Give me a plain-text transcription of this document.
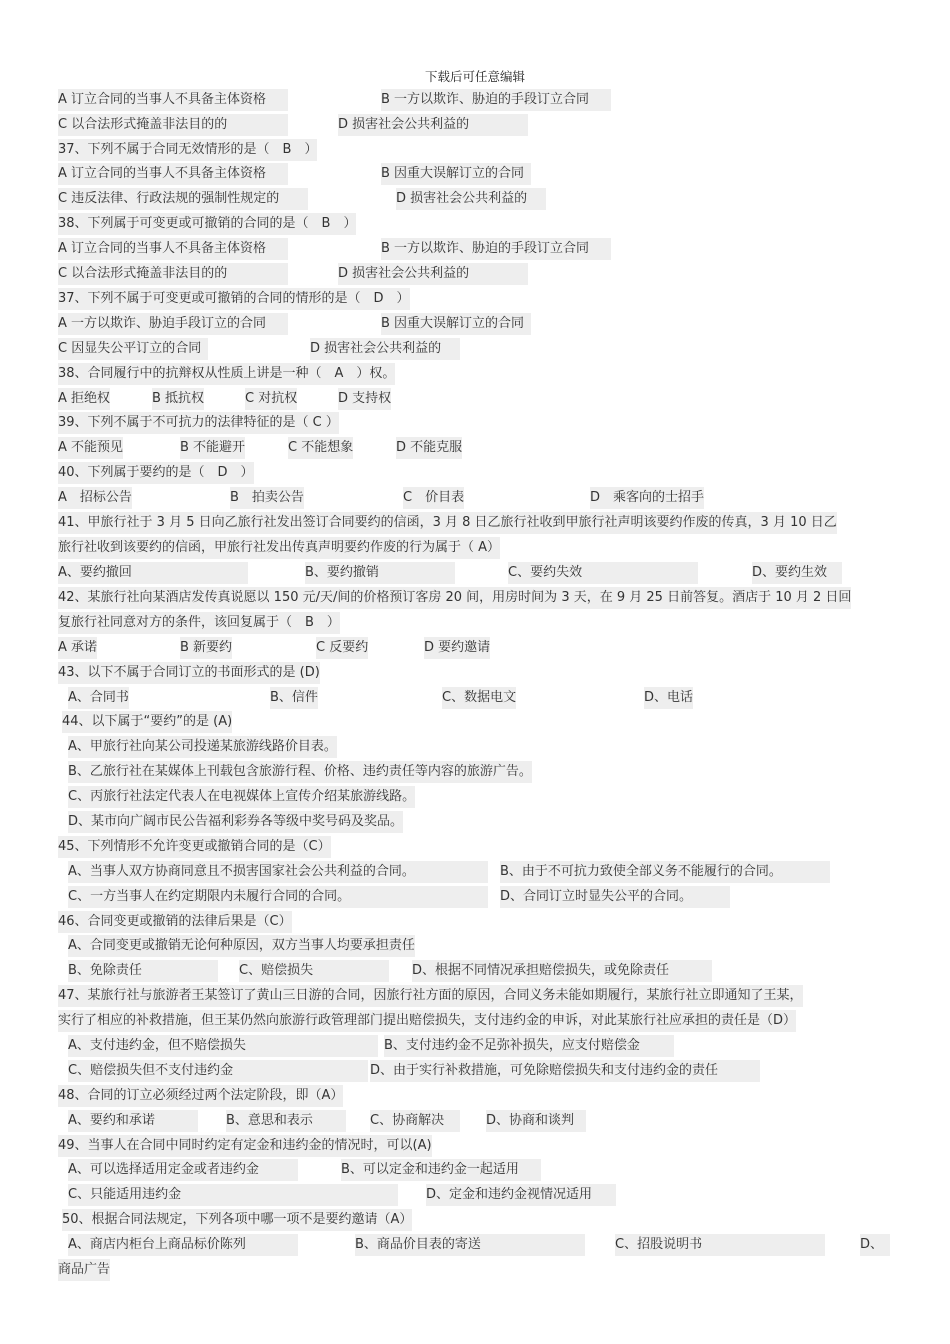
下载后可任意编辑
A 订立合同的当事人不具备主体资格	B 一方以欺诈、胁迫的手段订立合同
C 以合法形式掩盖非法目的的	D 损害社会公共利益的
37、下列不属于合同无效情形的是（　B　）
A 订立合同的当事人不具备主体资格	B 因重大误解订立的合同
C 违反法律、行政法规的强制性规定的	D 损害社会公共利益的
38、下列属于可变更或可撤销的合同的是（　B　）
A 订立合同的当事人不具备主体资格	B 一方以欺诈、胁迫的手段订立合同
C 以合法形式掩盖非法目的的	D 损害社会公共利益的
37、下列不属于可变更或可撤销的合同的情形的是（　D　）
A 一方以欺诈、胁迫手段订立的合同	B 因重大误解订立的合同
C 因显失公平订立的合同	D 损害社会公共利益的
38、合同履行中的抗辩权从性质上讲是一种（　A　）权。
A 拒绝权	B 抵抗权	C 对抗权	D 支持权
39、下列不属于不可抗力的法律特征的是（ C ）
A 不能预见	B 不能避开	C 不能想象	D 不能克服
40、下列属于要约的是（　D　）
A　招标公告	B　拍卖公告	C　价目表	D　乘客向的士招手
41、甲旅行社于 3 月 5 日向乙旅行社发出签订合同要约的信函，3 月 8 日乙旅行社收到甲旅行社声明该要约作废的传真，3 月 10 日乙
旅行社收到该要约的信函，甲旅行社发出传真声明要约作废的行为属于（ A）
A、要约撤回	B、要约撤销	C、要约失效	D、要约生效
42、某旅行社向某酒店发传真说愿以 150 元/天/间的价格预订客房 20 间，用房时间为 3 天，在 9 月 25 日前答复。酒店于 10 月 2 日回
复旅行社同意对方的条件，该回复属于（　B　）
A 承诺	B 新要约	C 反要约	D 要约邀请
43、以下不属于合同订立的书面形式的是 (D)
A、合同书	B、信件	C、数据电文	D、电话
44、以下属于“要约”的是 (A)
A、甲旅行社向某公司投递某旅游线路价目表。
B、乙旅行社在某媒体上刊载包含旅游行程、价格、违约责任等内容的旅游广告。
C、丙旅行社法定代表人在电视媒体上宣传介绍某旅游线路。
D、某市向广阔市民公告福利彩券各等级中奖号码及奖品。
45、下列情形不允许变更或撤销合同的是（C）
A、当事人双方协商同意且不损害国家社会公共利益的合同。	B、由于不可抗力致使全部义务不能履行的合同。
C、一方当事人在约定期限内未履行合同的合同。	D、合同订立时显失公平的合同。
46、合同变更或撤销的法律后果是（C）
A、合同变更或撤销无论何种原因，双方当事人均要承担责任
B、免除责任	C、赔偿损失	D、根据不同情况承担赔偿损失，或免除责任
47、某旅行社与旅游者王某签订了黄山三日游的合同，因旅行社方面的原因，合同义务未能如期履行，某旅行社立即通知了王某，
实行了相应的补救措施，但王某仍然向旅游行政管理部门提出赔偿损失，支付违约金的申诉，对此某旅行社应承担的责任是（D）
A、支付违约金，但不赔偿损失	B、支付违约金不足弥补损失，应支付赔偿金
C、赔偿损失但不支付违约金	D、由于实行补救措施，可免除赔偿损失和支付违约金的责任
48、合同的订立必须经过两个法定阶段，即（A）
A、要约和承诺	B、意思和表示	C、协商解决	D、协商和谈判
49、当事人在合同中同时约定有定金和违约金的情况时，可以(A)
A、可以选择适用定金或者违约金	B、可以定金和违约金一起适用
C、只能适用违约金	D、定金和违约金视情况适用
50、根据合同法规定，下列各项中哪一项不是要约邀请（A）
A、商店内柜台上商品标价陈列	B、商品价目表的寄送	C、招股说明书	D、
商品广告
